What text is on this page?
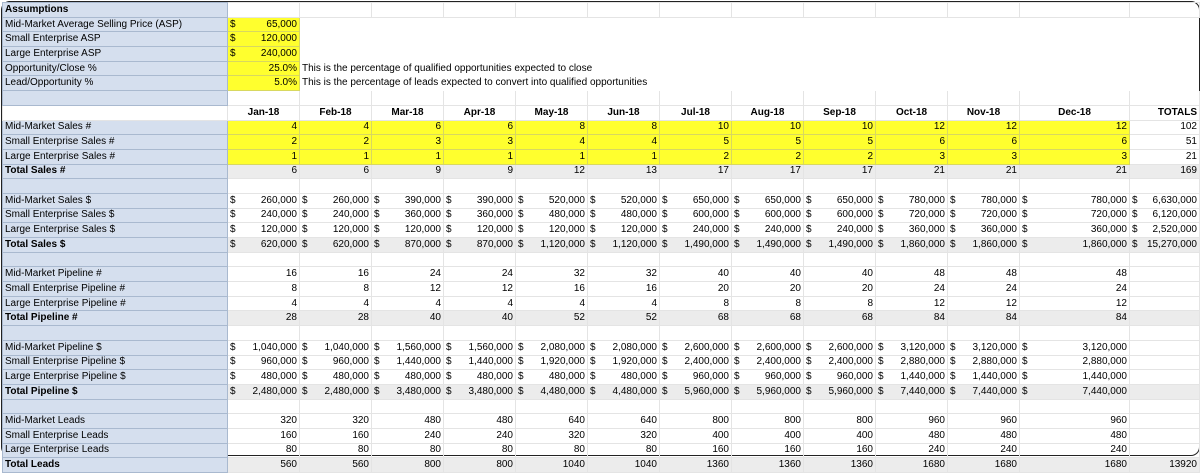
Assumptions													
Mid-Market Average Selling Price (ASP)	$ 65,000												

Small Enterprise ASP	$ 120,000												

Large Enterprise ASP	$ 240,000												

Opportunity/Close %	25.0%	This is the percentage of qualified opportunities expected to close											
Lead/Opportunity %	5.0%	This is the percentage of leads expected to convert into qualified opportunities											

	Jan-18	Feb-18	Mar-18	Apr-18	May-18	Jun-18	Jul-18	Aug-18	Sep-18	Oct-18	Nov-18	Dec-18	TOTALS
Mid-Market Sales #	4	4	6	6	8	8	10	10	10	12	12	12	102
Small Enterprise Sales #	2	2	3	3	4	4	5	5	5	6	6	6	51
Large Enterprise Sales #	1	1	1	1	1	1	2	2	2	3	3	3	21
Total Sales #	6	6	9	9	12	13	17	17	17	21	21	21	169

Mid-Market Sales $	$ 260,000	$ 260,000	$ 390,000	$ 390,000	$ 520,000	$ 520,000	$ 650,000	$ 650,000	$ 650,000	$ 780,000	$ 780,000	$ 780,000	$ 6,630,000

Small Enterprise Sales $	$ 240,000	$ 240,000	$ 360,000	$ 360,000	$ 480,000	$ 480,000	$ 600,000	$ 600,000	$ 600,000	$ 720,000	$ 720,000	$ 720,000	$ 6,120,000

Large Enterprise Sales $	$ 120,000	$ 120,000	$ 120,000	$ 120,000	$ 120,000	$ 120,000	$ 240,000	$ 240,000	$ 240,000	$ 360,000	$ 360,000	$ 360,000	$ 2,520,000

Total Sales $	$ 620,000	$ 620,000	$ 870,000	$ 870,000	$ 1,120,000	$ 1,120,000	$ 1,490,000	$ 1,490,000	$ 1,490,000	$ 1,860,000	$ 1,860,000	$ 1,860,000	$ 15,270,000

Mid-Market Pipeline #	16	16	24	24	32	32	40	40	40	48	48	48	
Small Enterprise Pipeline #	8	8	12	12	16	16	20	20	20	24	24	24	
Large Enterprise Pipeline #	4	4	4	4	4	4	8	8	8	12	12	12	
Total Pipeline #	28	28	40	40	52	52	68	68	68	84	84	84	

Mid-Market Pipeline $	$ 1,040,000	$ 1,040,000	$ 1,560,000	$ 1,560,000	$ 2,080,000	$ 2,080,000	$ 2,600,000	$ 2,600,000	$ 2,600,000	$ 3,120,000	$ 3,120,000	$ 3,120,000	

Small Enterprise Pipeline $	$ 960,000	$ 960,000	$ 1,440,000	$ 1,440,000	$ 1,920,000	$ 1,920,000	$ 2,400,000	$ 2,400,000	$ 2,400,000	$ 2,880,000	$ 2,880,000	$ 2,880,000	

Large Enterprise Pipeline $	$ 480,000	$ 480,000	$ 480,000	$ 480,000	$ 480,000	$ 480,000	$ 960,000	$ 960,000	$ 960,000	$ 1,440,000	$ 1,440,000	$ 1,440,000	

Total Pipeline $	$ 2,480,000	$ 2,480,000	$ 3,480,000	$ 3,480,000	$ 4,480,000	$ 4,480,000	$ 5,960,000	$ 5,960,000	$ 5,960,000	$ 7,440,000	$ 7,440,000	$ 7,440,000	

Mid-Market Leads	320	320	480	480	640	640	800	800	800	960	960	960	
Small Enterprise Leads	160	160	240	240	320	320	400	400	400	480	480	480	
Large Enterprise Leads	80	80	80	80	80	80	160	160	160	240	240	240	
Total Leads	560	560	800	800	1040	1040	1360	1360	1360	1680	1680	1680	13920
